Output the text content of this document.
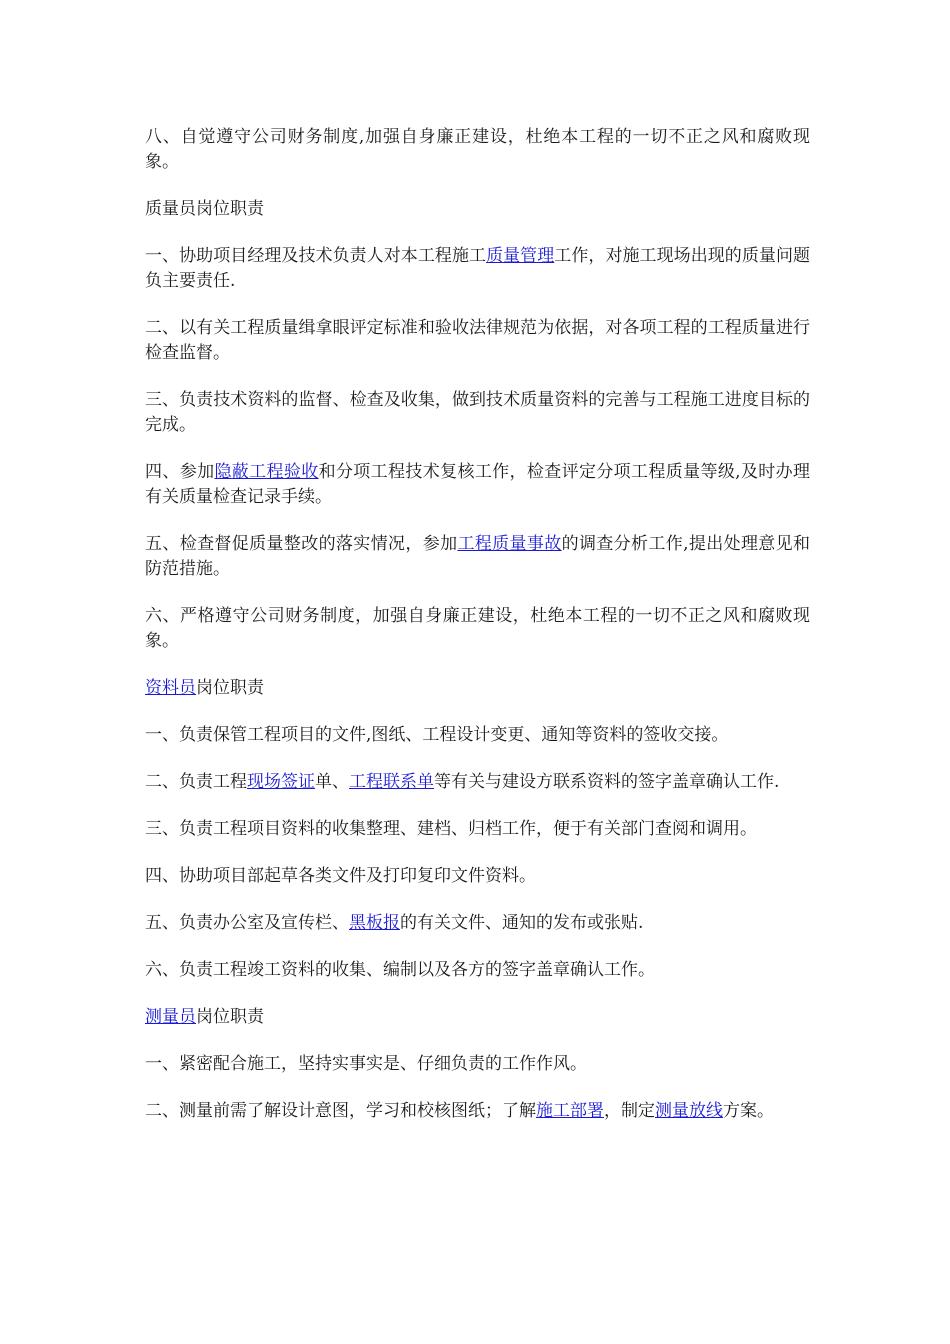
八、自觉遵守公司财务制度,加强自身廉正建设，杜绝本工程的一切不正之风和腐败现象。

质量员岗位职责

一、协助项目经理及技术负责人对本工程施工质量管理工作，对施工现场出现的质量问题负主要责任.

二、以有关工程质量缉拿眼评定标准和验收法律规范为依据，对各项工程的工程质量进行检查监督。

三、负责技术资料的监督、检查及收集，做到技术质量资料的完善与工程施工进度目标的完成。

四、参加隐蔽工程验收和分项工程技术复核工作，检查评定分项工程质量等级,及时办理有关质量检查记录手续。

五、检查督促质量整改的落实情况，参加工程质量事故的调查分析工作,提出处理意见和防范措施。

六、严格遵守公司财务制度，加强自身廉正建设，杜绝本工程的一切不正之风和腐败现象。

资料员岗位职责

一、负责保管工程项目的文件,图纸、工程设计变更、通知等资料的签收交接。

二、负责工程现场签证单、工程联系单等有关与建设方联系资料的签字盖章确认工作.

三、负责工程项目资料的收集整理、建档、归档工作，便于有关部门查阅和调用。

四、协助项目部起草各类文件及打印复印文件资料。

五、负责办公室及宣传栏、黑板报的有关文件、通知的发布或张贴.

六、负责工程竣工资料的收集、编制以及各方的签字盖章确认工作。

测量员岗位职责

一、紧密配合施工，坚持实事实是、仔细负责的工作作风。

二、测量前需了解设计意图，学习和校核图纸；了解施工部署，制定测量放线方案。
